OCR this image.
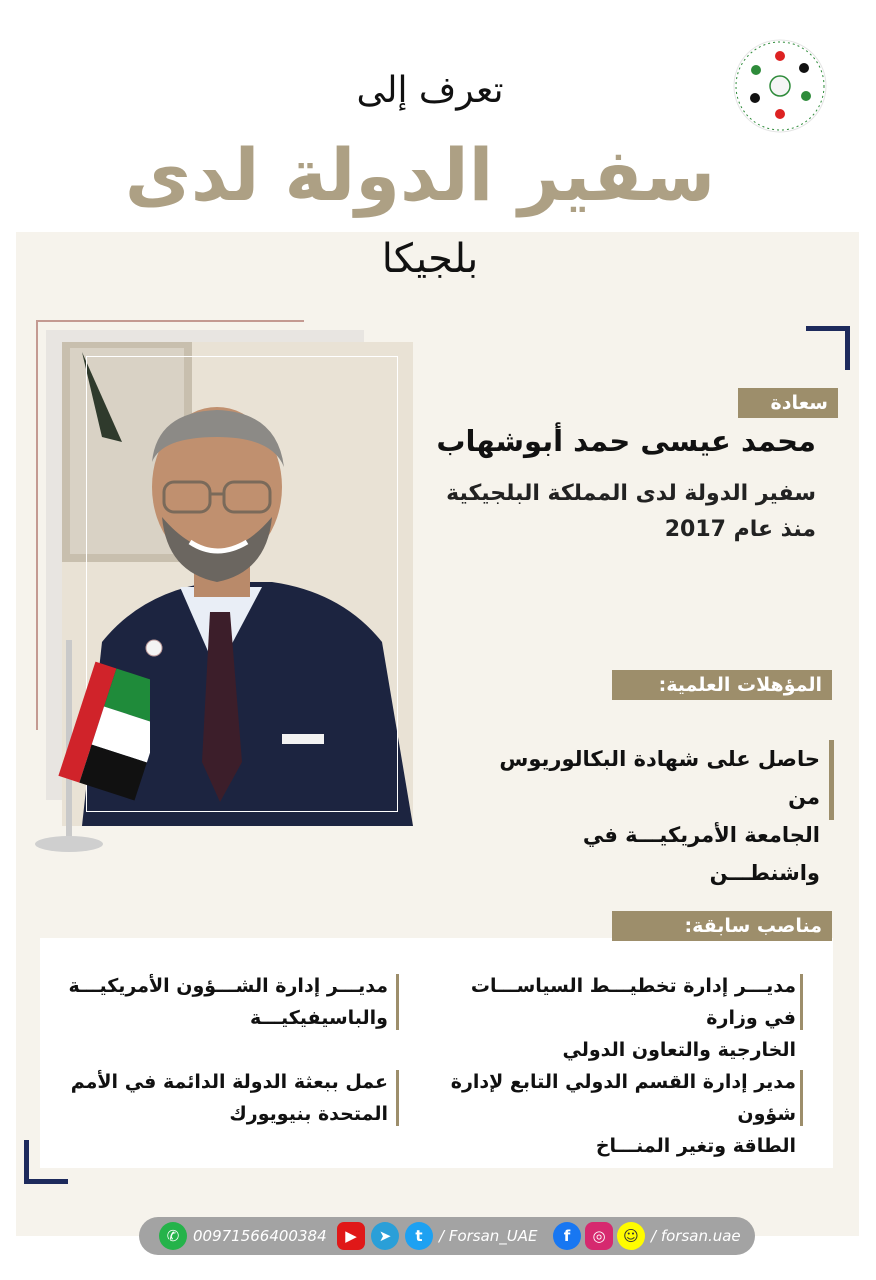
تعرف إلى
سفير الدولة لدى
بلجيكا
سعادة
محمد عيسى حمد أبوشهاب
سفير الدولة لدى المملكة البلجيكية
منذ عام 2017
المؤهلات العلمية:
حاصل على شهادة البكالوريوس من
الجامعة الأمريكيـــة في واشنطـــن
مناصب سابقة:
مديـــر إدارة تخطيـــط السياســـات في وزارة
الخارجية والتعاون الدولي
مديـــر إدارة الشـــؤون الأمريكيـــة
والباسيفيكيـــة
مدير إدارة القسم الدولي التابع لإدارة شؤون
الطاقة وتغير المنـــاخ
عمل ببعثة الدولة الدائمة في الأمم
المتحدة بنيويورك
✆ 00971566400384	▶	➤	t	/ Forsan_UAE	f	◎	☺ / forsan.uae
